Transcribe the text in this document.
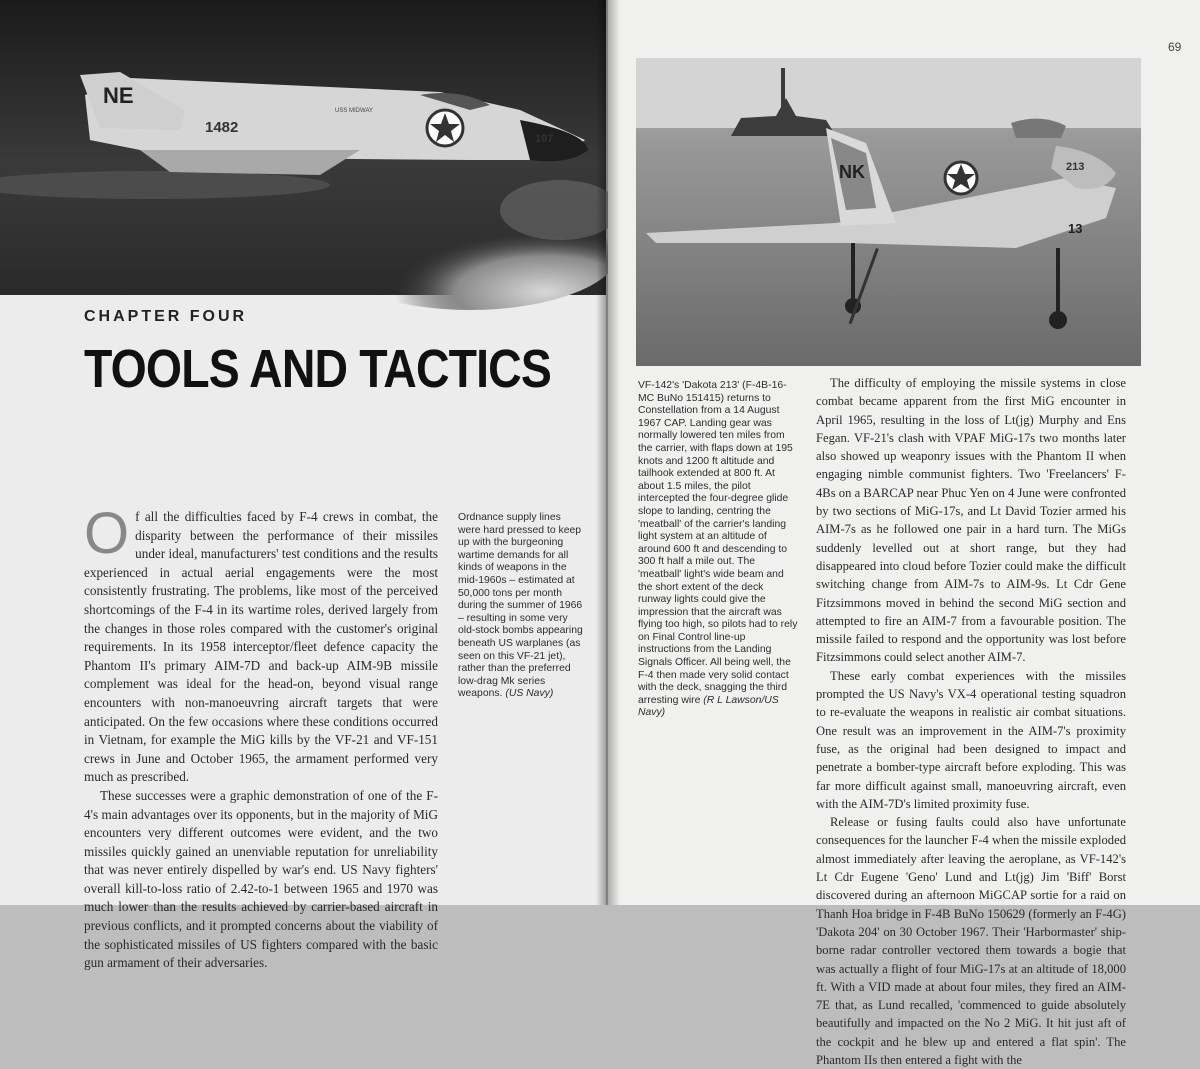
NE
1482
USS MIDWAY
107
CHAPTER FOUR
TOOLS AND TACTICS

Of all the difficulties faced by F-4 crews in combat, the disparity between the performance of their missiles under ideal, manufacturers' test conditions and the results experienced in actual aerial engagements were the most consistently frustrating. The problems, like most of the perceived shortcomings of the F-4 in its wartime roles, derived largely from the changes in those roles compared with the customer's original requirements. In its 1958 interceptor/fleet defence capacity the Phantom II's primary AIM-7D and back-up AIM-9B missile complement was ideal for the head-on, beyond visual range encounters with non-manoeuvring aircraft targets that were anticipated. On the few occasions where these conditions occurred in Vietnam, for example the MiG kills by the VF-21 and VF-151 crews in June and October 1965, the armament performed very much as prescribed.

These successes were a graphic demonstration of one of the F-4's main advantages over its opponents, but in the majority of MiG encounters very different outcomes were evident, and the two missiles quickly gained an unenviable reputation for unreliability that was never entirely dispelled by war's end. US Navy fighters' overall kill-to-loss ratio of 2.42-to-1 between 1965 and 1970 was much lower than the results achieved by carrier-based aircraft in previous conflicts, and it prompted concerns about the viability of the sophisticated missiles of US fighters compared with the basic gun armament of their adversaries.

Ordnance supply lines were hard pressed to keep up with the burgeoning wartime demands for all kinds of weapons in the mid-1960s – estimated at 50,000 tons per month during the summer of 1966 – resulting in some very old-stock bombs appearing beneath US warplanes (as seen on this VF-21 jet), rather than the preferred low-drag Mk series weapons. (US Navy)
69
NK	213
13
VF-142's 'Dakota 213' (F-4B-16-MC BuNo 151415) returns to Constellation from a 14 August 1967 CAP. Landing gear was normally lowered ten miles from the carrier, with flaps down at 195 knots and 1200 ft altitude and tailhook extended at 800 ft. At about 1.5 miles, the pilot intercepted the four-degree glide slope to landing, centring the 'meatball' of the carrier's landing light system at an altitude of around 600 ft and descending to 300 ft half a mile out. The 'meatball' light's wide beam and the short extent of the deck runway lights could give the impression that the aircraft was flying too high, so pilots had to rely on Final Control line-up instructions from the Landing Signals Officer. All being well, the F-4 then made very solid contact with the deck, snagging the third arresting wire (R L Lawson/US Navy)

The difficulty of employing the missile systems in close combat became apparent from the first MiG encounter in April 1965, resulting in the loss of Lt(jg) Murphy and Ens Fegan. VF-21's clash with VPAF MiG-17s two months later also showed up weaponry issues with the Phantom II when engaging nimble communist fighters. Two 'Freelancers' F-4Bs on a BARCAP near Phuc Yen on 4 June were confronted by two sections of MiG-17s, and Lt David Tozier armed his AIM-7s as he followed one pair in a hard turn. The MiGs suddenly levelled out at short range, but they had disappeared into cloud before Tozier could make the difficult switching change from AIM-7s to AIM-9s. Lt Cdr Gene Fitzsimmons moved in behind the second MiG section and attempted to fire an AIM-7 from a favourable position. The missile failed to respond and the opportunity was lost before Fitzsimmons could select another AIM-7.

These early combat experiences with the missiles prompted the US Navy's VX-4 operational testing squadron to re-evaluate the weapons in realistic air combat situations. One result was an improvement in the AIM-7's proximity fuse, as the original had been designed to impact and penetrate a bomber-type aircraft before exploding. This was far more difficult against small, manoeuvring aircraft, even with the AIM-7D's limited proximity fuse.

Release or fusing faults could also have unfortunate consequences for the launcher F-4 when the missile exploded almost immediately after leaving the aeroplane, as VF-142's Lt Cdr Eugene 'Geno' Lund and Lt(jg) Jim 'Biff' Borst discovered during an afternoon MiGCAP sortie for a raid on Thanh Hoa bridge in F-4B BuNo 150629 (formerly an F-4G) 'Dakota 204' on 30 October 1967. Their 'Harbormaster' ship-borne radar controller vectored them towards a bogie that was actually a flight of four MiG-17s at an altitude of 18,000 ft. With a VID made at about four miles, they fired an AIM-7E that, as Lund recalled, 'commenced to guide absolutely beautifully and impacted on the No 2 MiG. It hit just aft of the cockpit and he blew up and entered a flat spin'. The Phantom IIs then entered a fight with the
